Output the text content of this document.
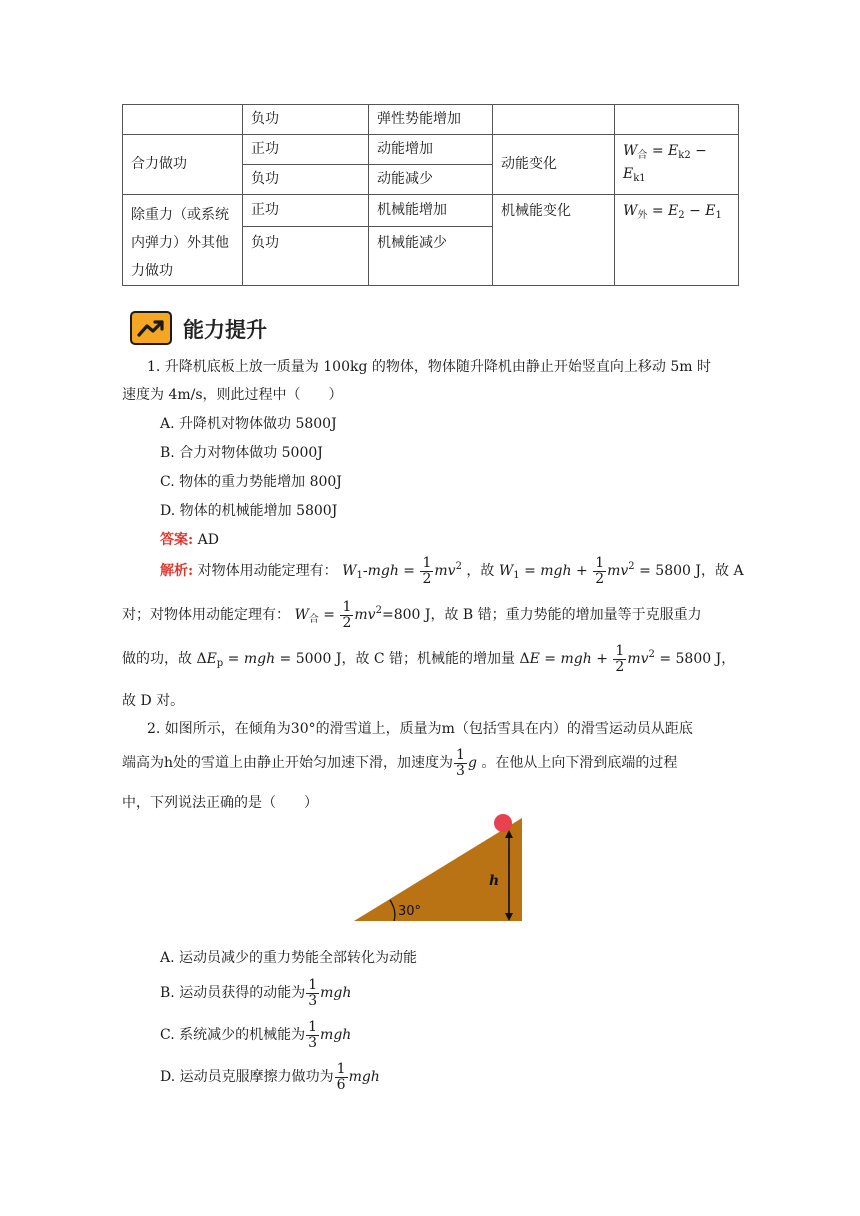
	负功	弹性势能增加		
合力做功	正功	动能增加	动能变化	$W_合 = E_{k2} - E_{k1}$
	负功	动能减少		
除重力（或系统
内弹力）外其他
力做功	正功	机械能增加	机械能变化	$W_外 = E_2 - E_1$
	负功	机械能减少		
能力提升
1. 升降机底板上放一质量为 100kg 的物体，物体随升降机由静止开始竖直向上移动 5m 时
速度为 4m/s，则此过程中（　　）
A. 升降机对物体做功 5800J
B. 合力对物体做功 5000J
C. 物体的重力势能增加 800J
D. 物体的机械能增加 5800J
答案: AD
解析: 对物体用动能定理有： $W_1$-mgh = $\frac{1}{2} mv^2$ ，故 $W_1$ = mgh + $\frac{1}{2} mv^2 = 5800$ J，故 A
对；对物体用动能定理有： $W_合 = \frac{1}{2} mv^2=800$ J，故 B 错；重力势能的增加量等于克服重力
做的功，故 $\Delta E_p$ = mgh = 5000 J，故 C 错；机械能的增加量 ΔE = mgh + $\frac{1}{2} mv^2 = 5800$ J，
故 D 对。
2. 如图所示，在倾角为30°的滑雪道上，质量为m（包括雪具在内）的滑雪运动员从距底
端高为h处的雪道上由静止开始匀加速下滑，加速度为 $\frac{1}{3}$ g 。在他从上向下滑到底端的过程
中，下列说法正确的是（　　）
30°
h
A. 运动员减少的重力势能全部转化为动能
B. 运动员获得的动能为 $\frac{1}{3}$ mgh
C. 系统减少的机械能为 $\frac{1}{3}$ mgh
D. 运动员克服摩擦力做功为 $\frac{1}{6}$ mgh
